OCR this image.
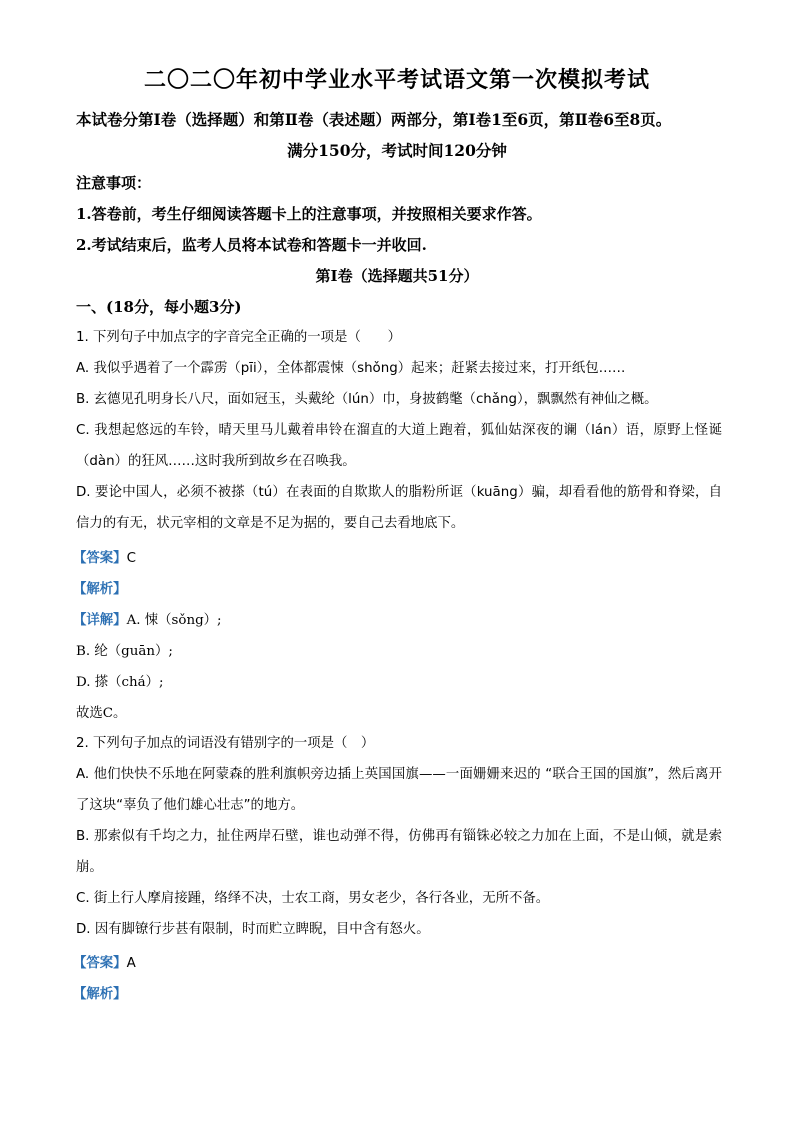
二〇二〇年初中学业水平考试语文第一次模拟考试
本试卷分第Ⅰ卷（选择题）和第Ⅱ卷（表述题）两部分，第Ⅰ卷1至6页，第Ⅱ卷6至8页。
满分150分，考试时间120分钟
注意事项：
1.答卷前，考生仔细阅读答题卡上的注意事项，并按照相关要求作答。
2.考试结束后，监考人员将本试卷和答题卡一并收回.
第Ⅰ卷（选择题共51分）
一、(18分，每小题3分)
1. 下列句子中加点字的字音完全正确的一项是（　　）
A. 我似乎遇着了一个霹雳（pīi），全体都震悚（shǒng）起来；赶紧去接过来，打开纸包……
B. 玄德见孔明身长八尺，面如冠玉，头戴纶（lún）巾，身披鹤氅（chǎng），飘飘然有神仙之概。
C. 我想起悠远的车铃，晴天里马儿戴着串铃在溜直的大道上跑着，狐仙姑深夜的谰（lán）语，原野上怪诞（dàn）的狂风……这时我所到故乡在召唤我。
D. 要论中国人，必须不被搽（tú）在表面的自欺欺人的脂粉所诓（kuāng）骗，却看看他的筋骨和脊梁，自信力的有无，状元宰相的文章是不足为据的，要自己去看地底下。
【答案】C
【解析】
【详解】A. 悚（sǒng）;
B. 纶（guān）;
D. 搽（chá）;
故选C。
2. 下列句子加点的词语没有错别字的一项是（　）
A. 他们快快不乐地在阿蒙森的胜利旗帜旁边插上英国国旗——一面姗姗来迟的 “联合王国的国旗”，然后离开了这块“辜负了他们雄心壮志”的地方。
B. 那索似有千均之力，扯住两岸石壁，谁也动弹不得，仿佛再有锱铢必较之力加在上面，不是山倾，就是索崩。
C. 街上行人摩肩接踵，络绎不决，士农工商，男女老少，各行各业，无所不备。
D. 因有脚镣行步甚有限制，时而贮立睥睨，目中含有怒火。
【答案】A
【解析】
